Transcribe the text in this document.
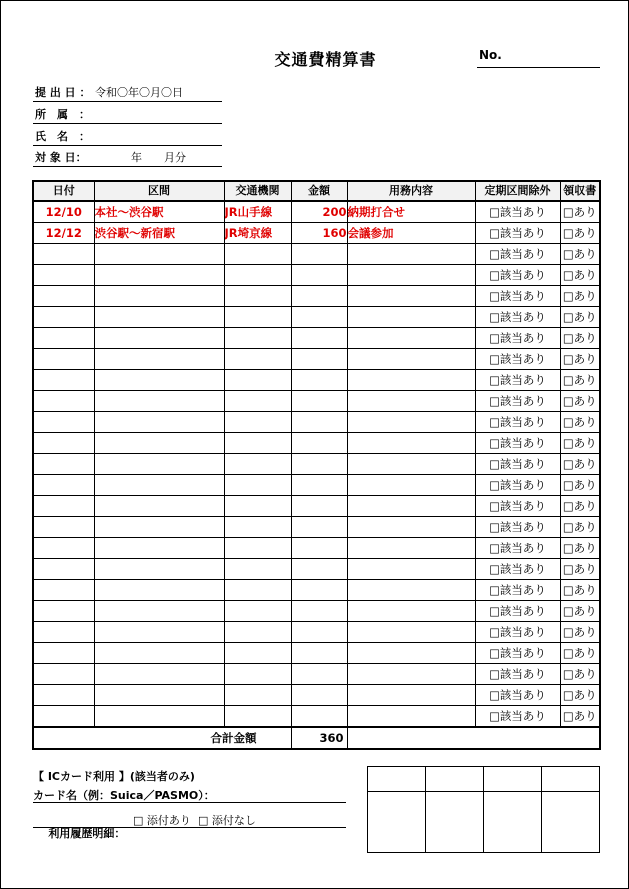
交通費精算書	No.
提 出 日 ： 令和〇年〇月〇日
所　属　：
氏　名　：
対 象 日：	年　　月分
日付	区間	交通機関	金額	用務内容	定期区間除外	領収書
12/10	本社～渋谷駅	JR山手線	200	納期打合せ	□該当あり	□あり
12/12	渋谷駅～新宿駅	JR埼京線	160	会議参加	□該当あり	□あり
					□該当あり	□あり
					□該当あり	□あり
					□該当あり	□あり
					□該当あり	□あり
					□該当あり	□あり
					□該当あり	□あり
					□該当あり	□あり
					□該当あり	□あり
					□該当あり	□あり
					□該当あり	□あり
					□該当あり	□あり
					□該当あり	□あり
					□該当あり	□あり
					□該当あり	□あり
					□該当あり	□あり
					□該当あり	□あり
					□該当あり	□あり
					□該当あり	□あり
					□該当あり	□あり
					□該当あり	□あり
					□該当あり	□あり
					□該当あり	□あり
					□該当あり	□あり
合計金額			360			
【 ICカード利用 】(該当者のみ)
カード名（例：Suica／PASMO）：

利用履歴明細：

□ 添付あり

□ 添付なし
